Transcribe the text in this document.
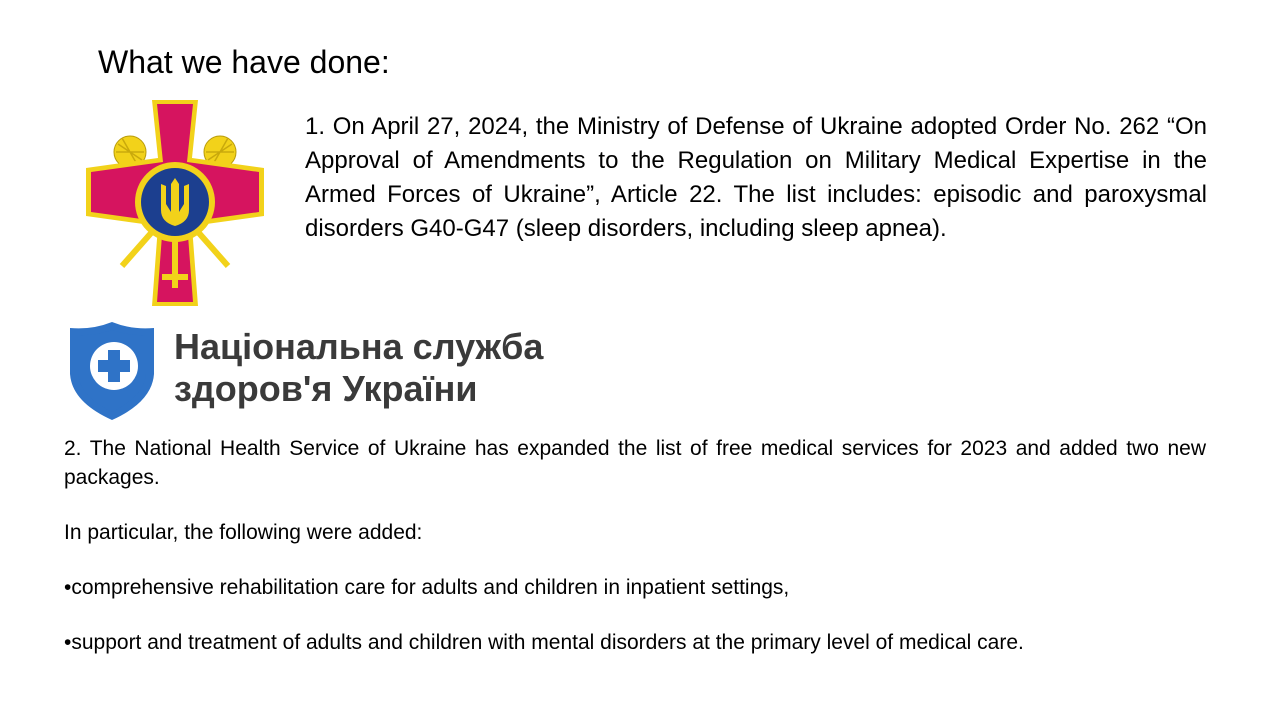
What we have done:

1. On April 27, 2024, the Ministry of Defense of Ukraine adopted Order No. 262 “On Approval of Amendments to the Regulation on Military Medical Expertise in the Armed Forces of Ukraine”, Article 22. The list includes: episodic and paroxysmal disorders G40-G47 (sleep disorders, including sleep apnea).

Національна служба
здоров'я України

2. The National Health Service of Ukraine has expanded the list of free medical services for 2023 and added two new packages.

In particular, the following were added:

•comprehensive rehabilitation care for adults and children in inpatient settings,

•support and treatment of adults and children with mental disorders at the primary level of medical care.
